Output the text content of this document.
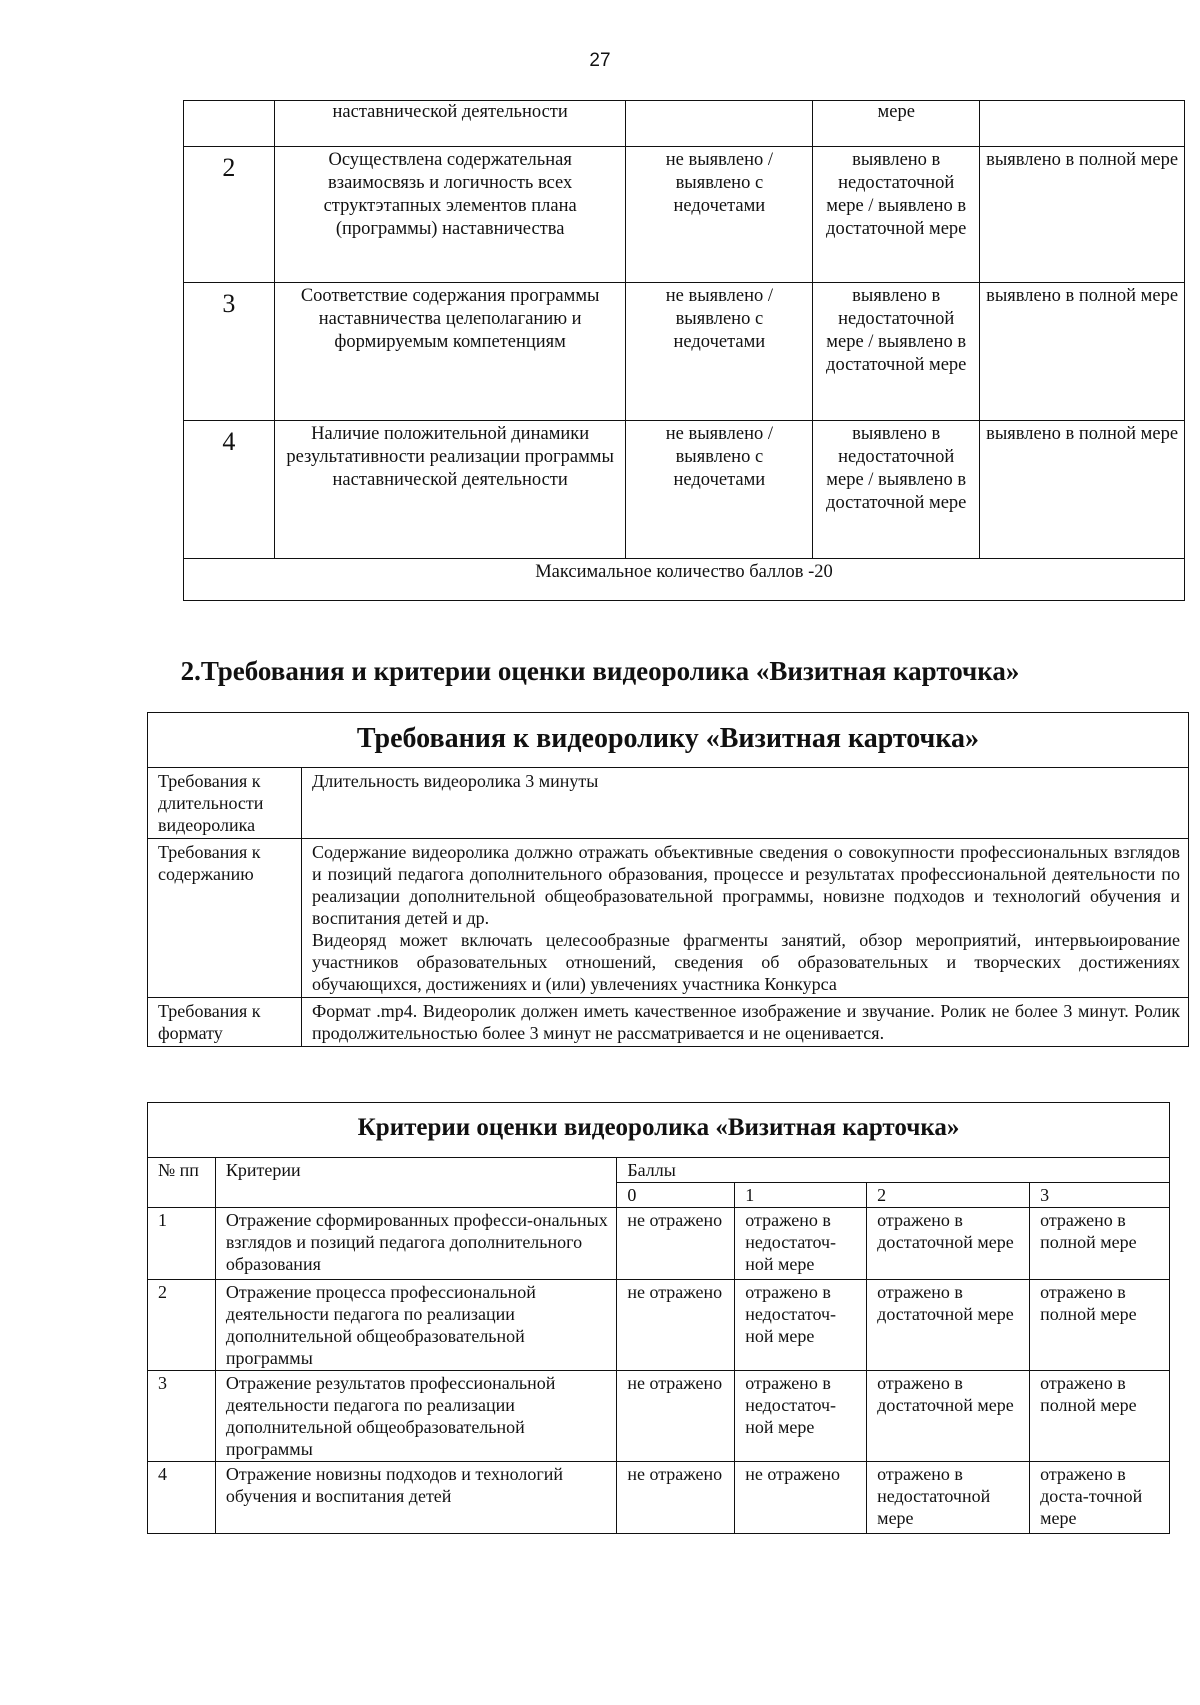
27
	наставнической деятельности		мере	
2	Осуществлена содержательная взаимосвязь и логичность всех структэтапных элементов плана (программы) наставничества	не выявлено / выявлено с недочетами	выявлено в недостаточной мере / выявлено в достаточной мере	выявлено в полной мере
3	Соответствие содержания программы наставничества целеполаганию и формируемым компетенциям	не выявлено / выявлено с недочетами	выявлено в недостаточной мере / выявлено в достаточной мере	выявлено в полной мере
4	Наличие положительной динамики результативности реализации программы наставнической деятельности	не выявлено / выявлено с недочетами	выявлено в недостаточной мере / выявлено в достаточной мере	выявлено в полной мере
Максимальное количество баллов -20				
2.Требования и критерии оценки видеоролика «Визитная карточка»
Требования к видеоролику «Визитная карточка»	
Требования к длительности видеоролика	Длительность видеоролика 3 минуты

Требования к содержанию	Содержание видеоролика должно отражать объективные сведения о совокупности профессиональных взглядов и позиций педагога дополнительного образования, процессе и результатах профессиональной деятельности по реализации дополнительной общеобразовательной программы, новизне подходов и технологий обучения и воспитания детей и др.

Видеоряд может включать целесообразные фрагменты занятий, обзор мероприятий, интервьюирование участников образовательных отношений, сведения об образовательных и творческих достижениях обучающихся, достижениях и (или) увлечениях участника Конкурса

Требования к формату	Формат .mp4. Видеоролик должен иметь качественное изображение и звучание. Ролик не более 3 минут. Ролик продолжительностью более 3 минут не рассматривается и не оценивается.

Критерии оценки видеоролика «Визитная карточка»					
№ пп	Критерии	Баллы			
		0	1	2	3
1	Отражение сформированных професси-ональных взглядов и позиций педагога дополнительного образования	не отражено	отражено в недостаточ-ной мере	отражено в достаточной мере	отражено в полной мере
2	Отражение процесса профессиональной деятельности педагога по реализации дополнительной общеобразовательной программы	не отражено	отражено в недостаточ-ной мере	отражено в достаточной мере	отражено в полной мере
3	Отражение результатов профессиональной деятельности педагога по реализации дополнительной общеобразовательной программы	не отражено	отражено в недостаточ-ной мере	отражено в достаточной мере	отражено в полной мере
4	Отражение новизны подходов и технологий обучения и воспитания детей	не отражено	не отражено	отражено в недостаточной мере	отражено в доста-точной мере
